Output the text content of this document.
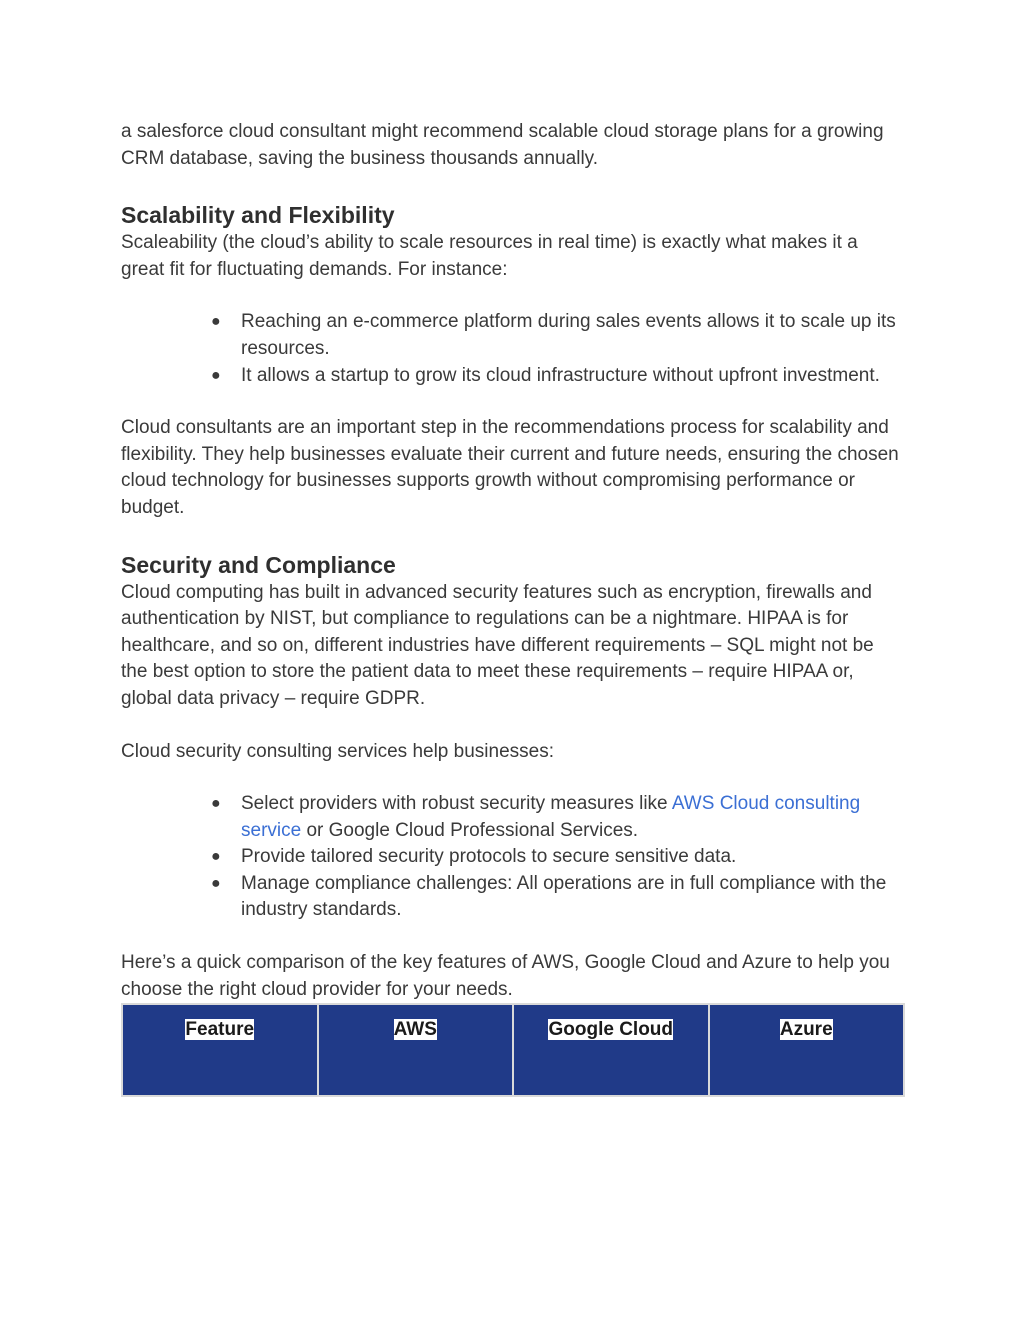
a salesforce cloud consultant might recommend scalable cloud storage plans for a growing CRM database, saving the business thousands annually.

Scalability and Flexibility

Scaleability (the cloud’s ability to scale resources in real time) is exactly what makes it a great fit for fluctuating demands. For instance:

● Reaching an e-commerce platform during sales events allows it to scale up its resources.
● It allows a startup to grow its cloud infrastructure without upfront investment.

Cloud consultants are an important step in the recommendations process for scalability and flexibility. They help businesses evaluate their current and future needs, ensuring the chosen cloud technology for businesses supports growth without compromising performance or budget.

Security and Compliance

Cloud computing has built in advanced security features such as encryption, firewalls and authentication by NIST, but compliance to regulations can be a nightmare. HIPAA is for healthcare, and so on, different industries have different requirements – SQL might not be the best option to store the patient data to meet these requirements – require HIPAA or, global data privacy – require GDPR.

Cloud security consulting services help businesses:

● Select providers with robust security measures like AWS Cloud consulting service or Google Cloud Professional Services.
● Provide tailored security protocols to secure sensitive data.
● Manage compliance challenges: All operations are in full compliance with the industry standards.

Here’s a quick comparison of the key features of AWS, Google Cloud and Azure to help you choose the right cloud provider for your needs.

Feature	AWS	Google Cloud	Azure
